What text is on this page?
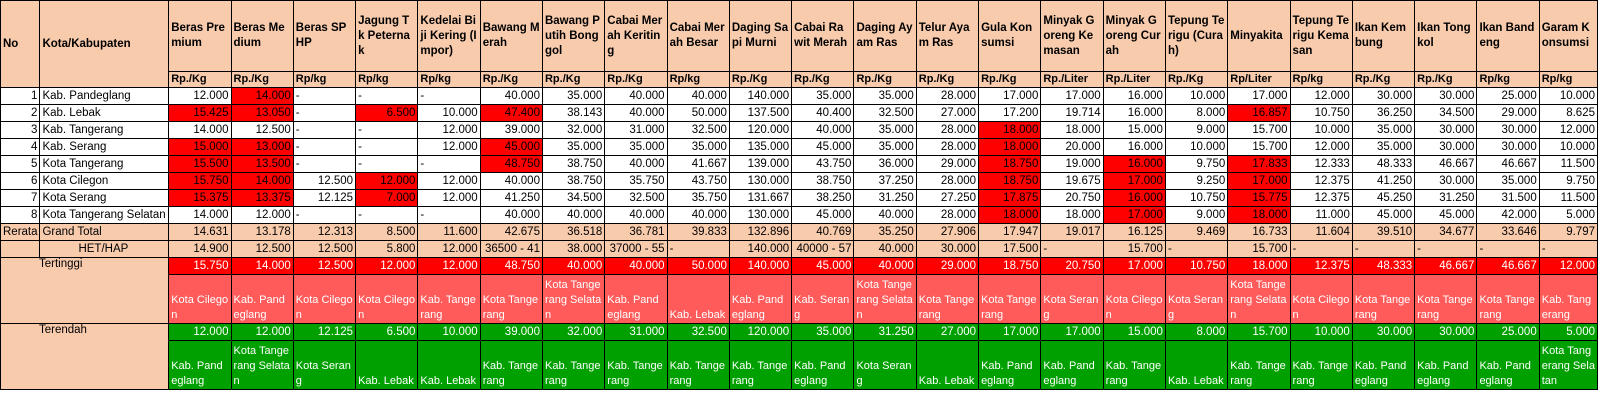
No	Kota/Kabupaten	Beras Premium	Beras Medium	Beras SPHP	Jagung Tk Peternak	Kedelai Biji Kering (Impor)	Bawang Merah	Bawang Putih Bonggol	Cabai Merah Keriting	Cabai Merah Besar	Daging Sapi Murni	Cabai Rawit Merah	Daging Ayam Ras	Telur Ayam Ras	Gula Konsumsi	Minyak Goreng Kemasan	Minyak Goreng Curah	Tepung Terigu (Curah)	Minyakita	Tepung Terigu Kemasan	Ikan Kembung	Ikan Tongkol	Ikan Bandeng	Garam Konsumsi
		Rp./Kg	Rp./Kg	Rp/kg	Rp/kg	Rp/kg	Rp./Kg	Rp./Kg	Rp./Kg	Rp/kg	Rp./Kg	Rp./Kg	Rp./Kg	Rp./Kg	Rp./Kg	Rp./Liter	Rp./Liter	Rp./Kg	Rp/Liter	Rp/kg	Rp./Kg	Rp./Kg	Rp/kg	Rp/kg
1	Kab. Pandeglang	12.000	14.000	-	-	-	40.000	35.000	40.000	40.000	140.000	35.000	35.000	28.000	17.000	17.000	16.000	10.000	17.000	12.000	30.000	30.000	25.000	10.000
2	Kab. Lebak	15.425	13.050	-	6.500	10.000	47.400	38.143	40.000	50.000	137.500	40.400	32.500	27.000	17.200	19.714	16.000	8.000	16.857	10.750	36.250	34.500	29.000	8.625
3	Kab. Tangerang	14.000	12.500	-	-	12.000	39.000	32.000	31.000	32.500	120.000	40.000	35.000	28.000	18.000	18.000	15.000	9.000	15.700	10.000	35.000	30.000	30.000	12.000
4	Kab. Serang	15.000	13.000	-	-	12.000	45.000	35.000	35.000	35.000	135.000	45.000	35.000	28.000	18.000	20.000	16.000	10.000	15.700	12.000	35.000	30.000	30.000	10.000
5	Kota Tangerang	15.500	13.500	-	-	-	48.750	38.750	40.000	41.667	139.000	43.750	36.000	29.000	18.750	19.000	16.000	9.750	17.833	12.333	48.333	46.667	46.667	11.500
6	Kota Cilegon	15.750	14.000	12.500	12.000	12.000	40.000	38.750	35.750	43.750	130.000	38.750	37.250	28.000	18.750	19.675	17.000	9.250	17.000	12.375	41.250	30.000	35.000	9.750
7	Kota Serang	15.375	13.375	12.125	7.000	12.000	41.250	34.500	32.500	35.750	131.667	38.250	31.250	27.250	17.875	20.750	16.000	10.750	15.775	12.375	45.250	31.250	31.500	11.500
8	Kota Tangerang Selatan	14.000	12.000	-	-	-	40.000	40.000	40.000	40.000	130.000	45.000	40.000	28.000	18.000	18.000	17.000	9.000	18.000	11.000	45.000	45.000	42.000	5.000
Rerata	Grand Total	14.631	13.178	12.313	8.500	11.600	42.675	36.518	36.781	39.833	132.896	40.769	35.250	27.906	17.947	19.017	16.125	9.469	16.733	11.604	39.510	34.677	33.646	9.797
	HET/HAP	14.900	12.500	12.500	5.800	12.000	36500 - 41	38.000	37000 - 55	-	140.000	40000 - 57	40.000	30.000	17.500	-	15.700	-	15.700	-	-	-	-	-
Tertinggi		15.750	14.000	12.500	12.000	12.000	48.750	40.000	40.000	50.000	140.000	45.000	40.000	29.000	18.750	20.750	17.000	10.750	18.000	12.375	48.333	46.667	46.667	12.000
		Kota Cilegon	Kab. Pandeglang	Kota Cilegon	Kota Cilegon	Kab. Tangerang	Kota Tangerang	Kota Tangerang Selatan	Kab. Pandeglang	Kab. Lebak	Kab. Pandeglang	Kab. Serang	Kota Tangerang Selatan	Kota Tangerang	Kota Tangerang	Kota Serang	Kota Cilegon	Kota Serang	Kota Tangerang Selatan	Kota Cilegon	Kota Tangerang	Kota Tangerang	Kota Tangerang	Kab. Tangerang
Terendah		12.000	12.000	12.125	6.500	10.000	39.000	32.000	31.000	32.500	120.000	35.000	31.250	27.000	17.000	17.000	15.000	8.000	15.700	10.000	30.000	30.000	25.000	5.000
		Kab. Pandeglang	Kota Tangerang Selatan	Kota Serang	Kab. Lebak	Kab. Lebak	Kab. Tangerang	Kab. Tangerang	Kab. Tangerang	Kab. Tangerang	Kab. Tangerang	Kab. Pandeglang	Kota Serang	Kab. Lebak	Kab. Pandeglang	Kab. Pandeglang	Kab. Tangerang	Kab. Lebak	Kab. Tangerang	Kab. Tangerang	Kab. Pandeglang	Kab. Pandeglang	Kab. Pandeglang	Kota Tangerang Selatan
